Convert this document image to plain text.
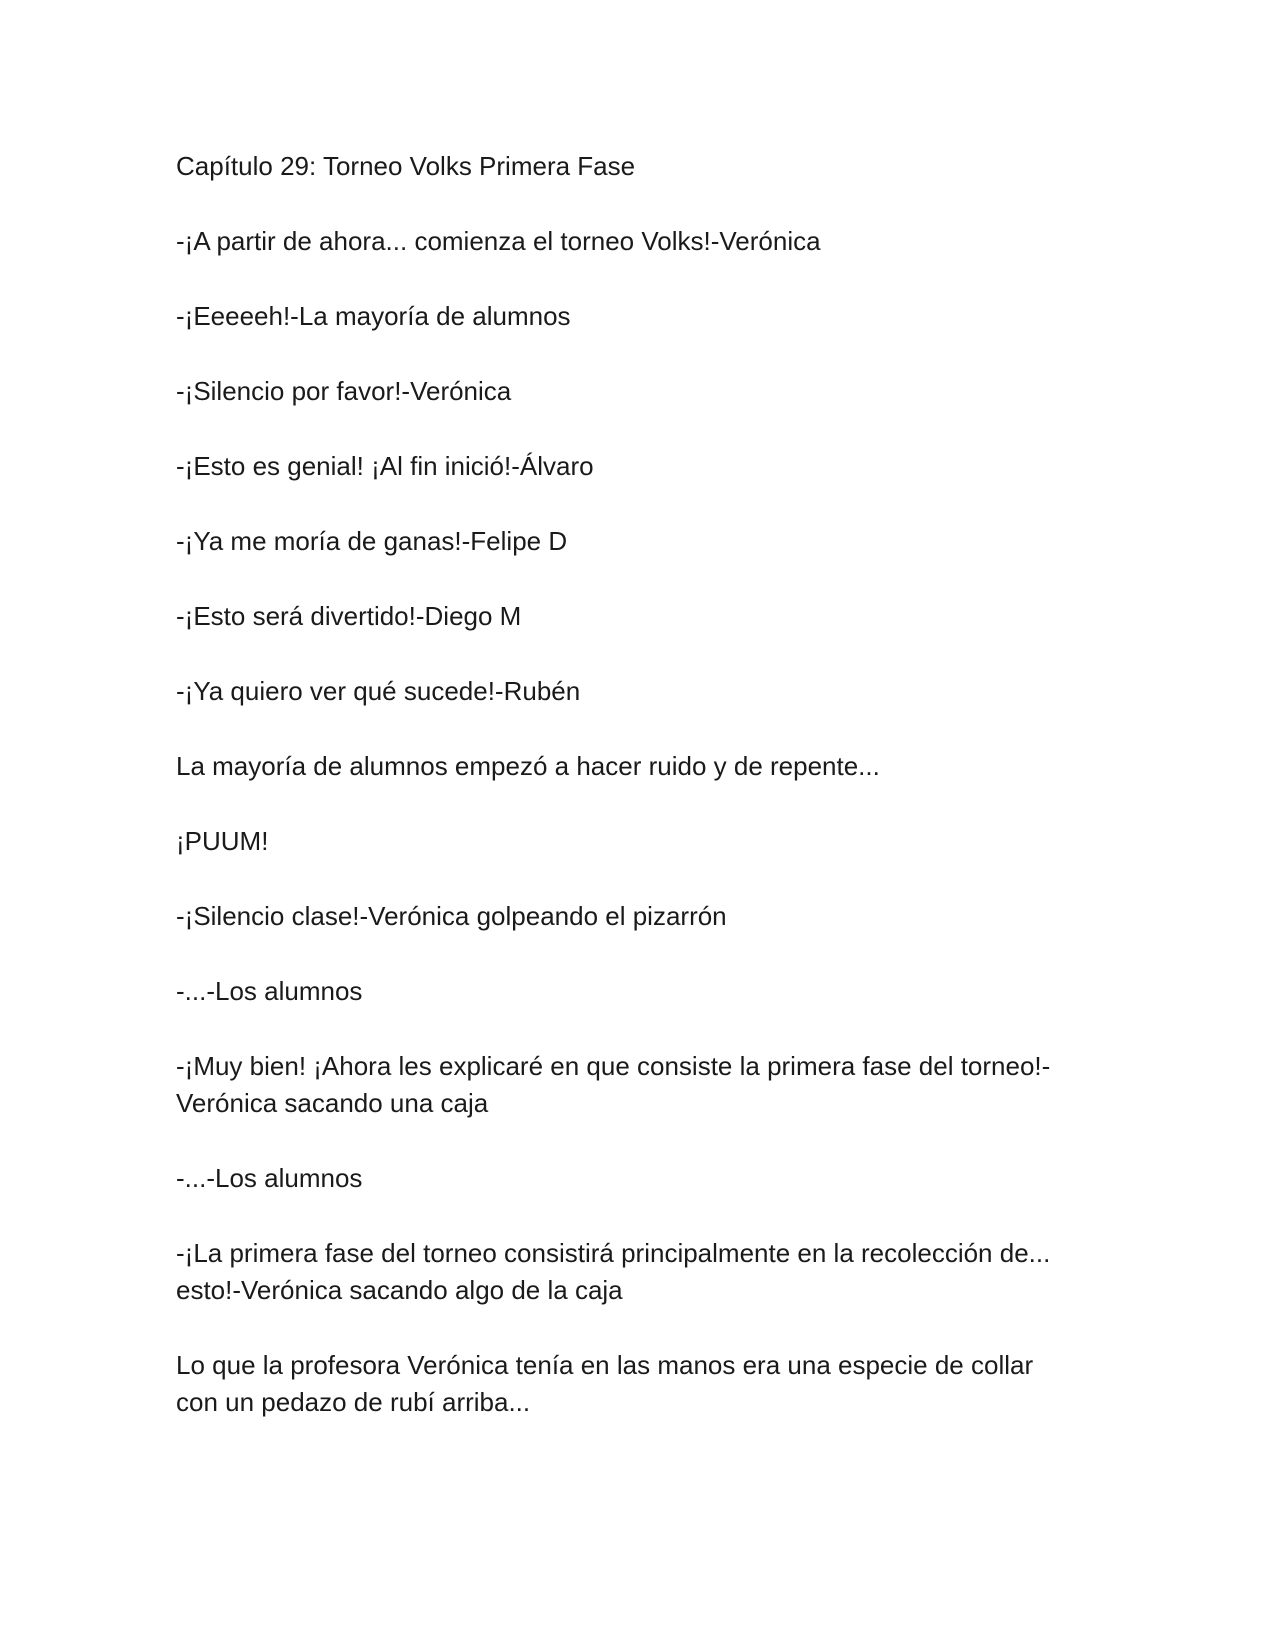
Capítulo 29: Torneo Volks Primera Fase

-¡A partir de ahora... comienza el torneo Volks!-Verónica

-¡Eeeeeh!-La mayoría de alumnos

-¡Silencio por favor!-Verónica

-¡Esto es genial! ¡Al fin inició!-Álvaro

-¡Ya me moría de ganas!-Felipe D

-¡Esto será divertido!-Diego M

-¡Ya quiero ver qué sucede!-Rubén

La mayoría de alumnos empezó a hacer ruido y de repente...

¡PUUM!

-¡Silencio clase!-Verónica golpeando el pizarrón

-...-Los alumnos

-¡Muy bien! ¡Ahora les explicaré en que consiste la primera fase del torneo!-Verónica sacando una caja

-...-Los alumnos

-¡La primera fase del torneo consistirá principalmente en la recolección de... esto!-Verónica sacando algo de la caja

Lo que la profesora Verónica tenía en las manos era una especie de collar con un pedazo de rubí arriba...
